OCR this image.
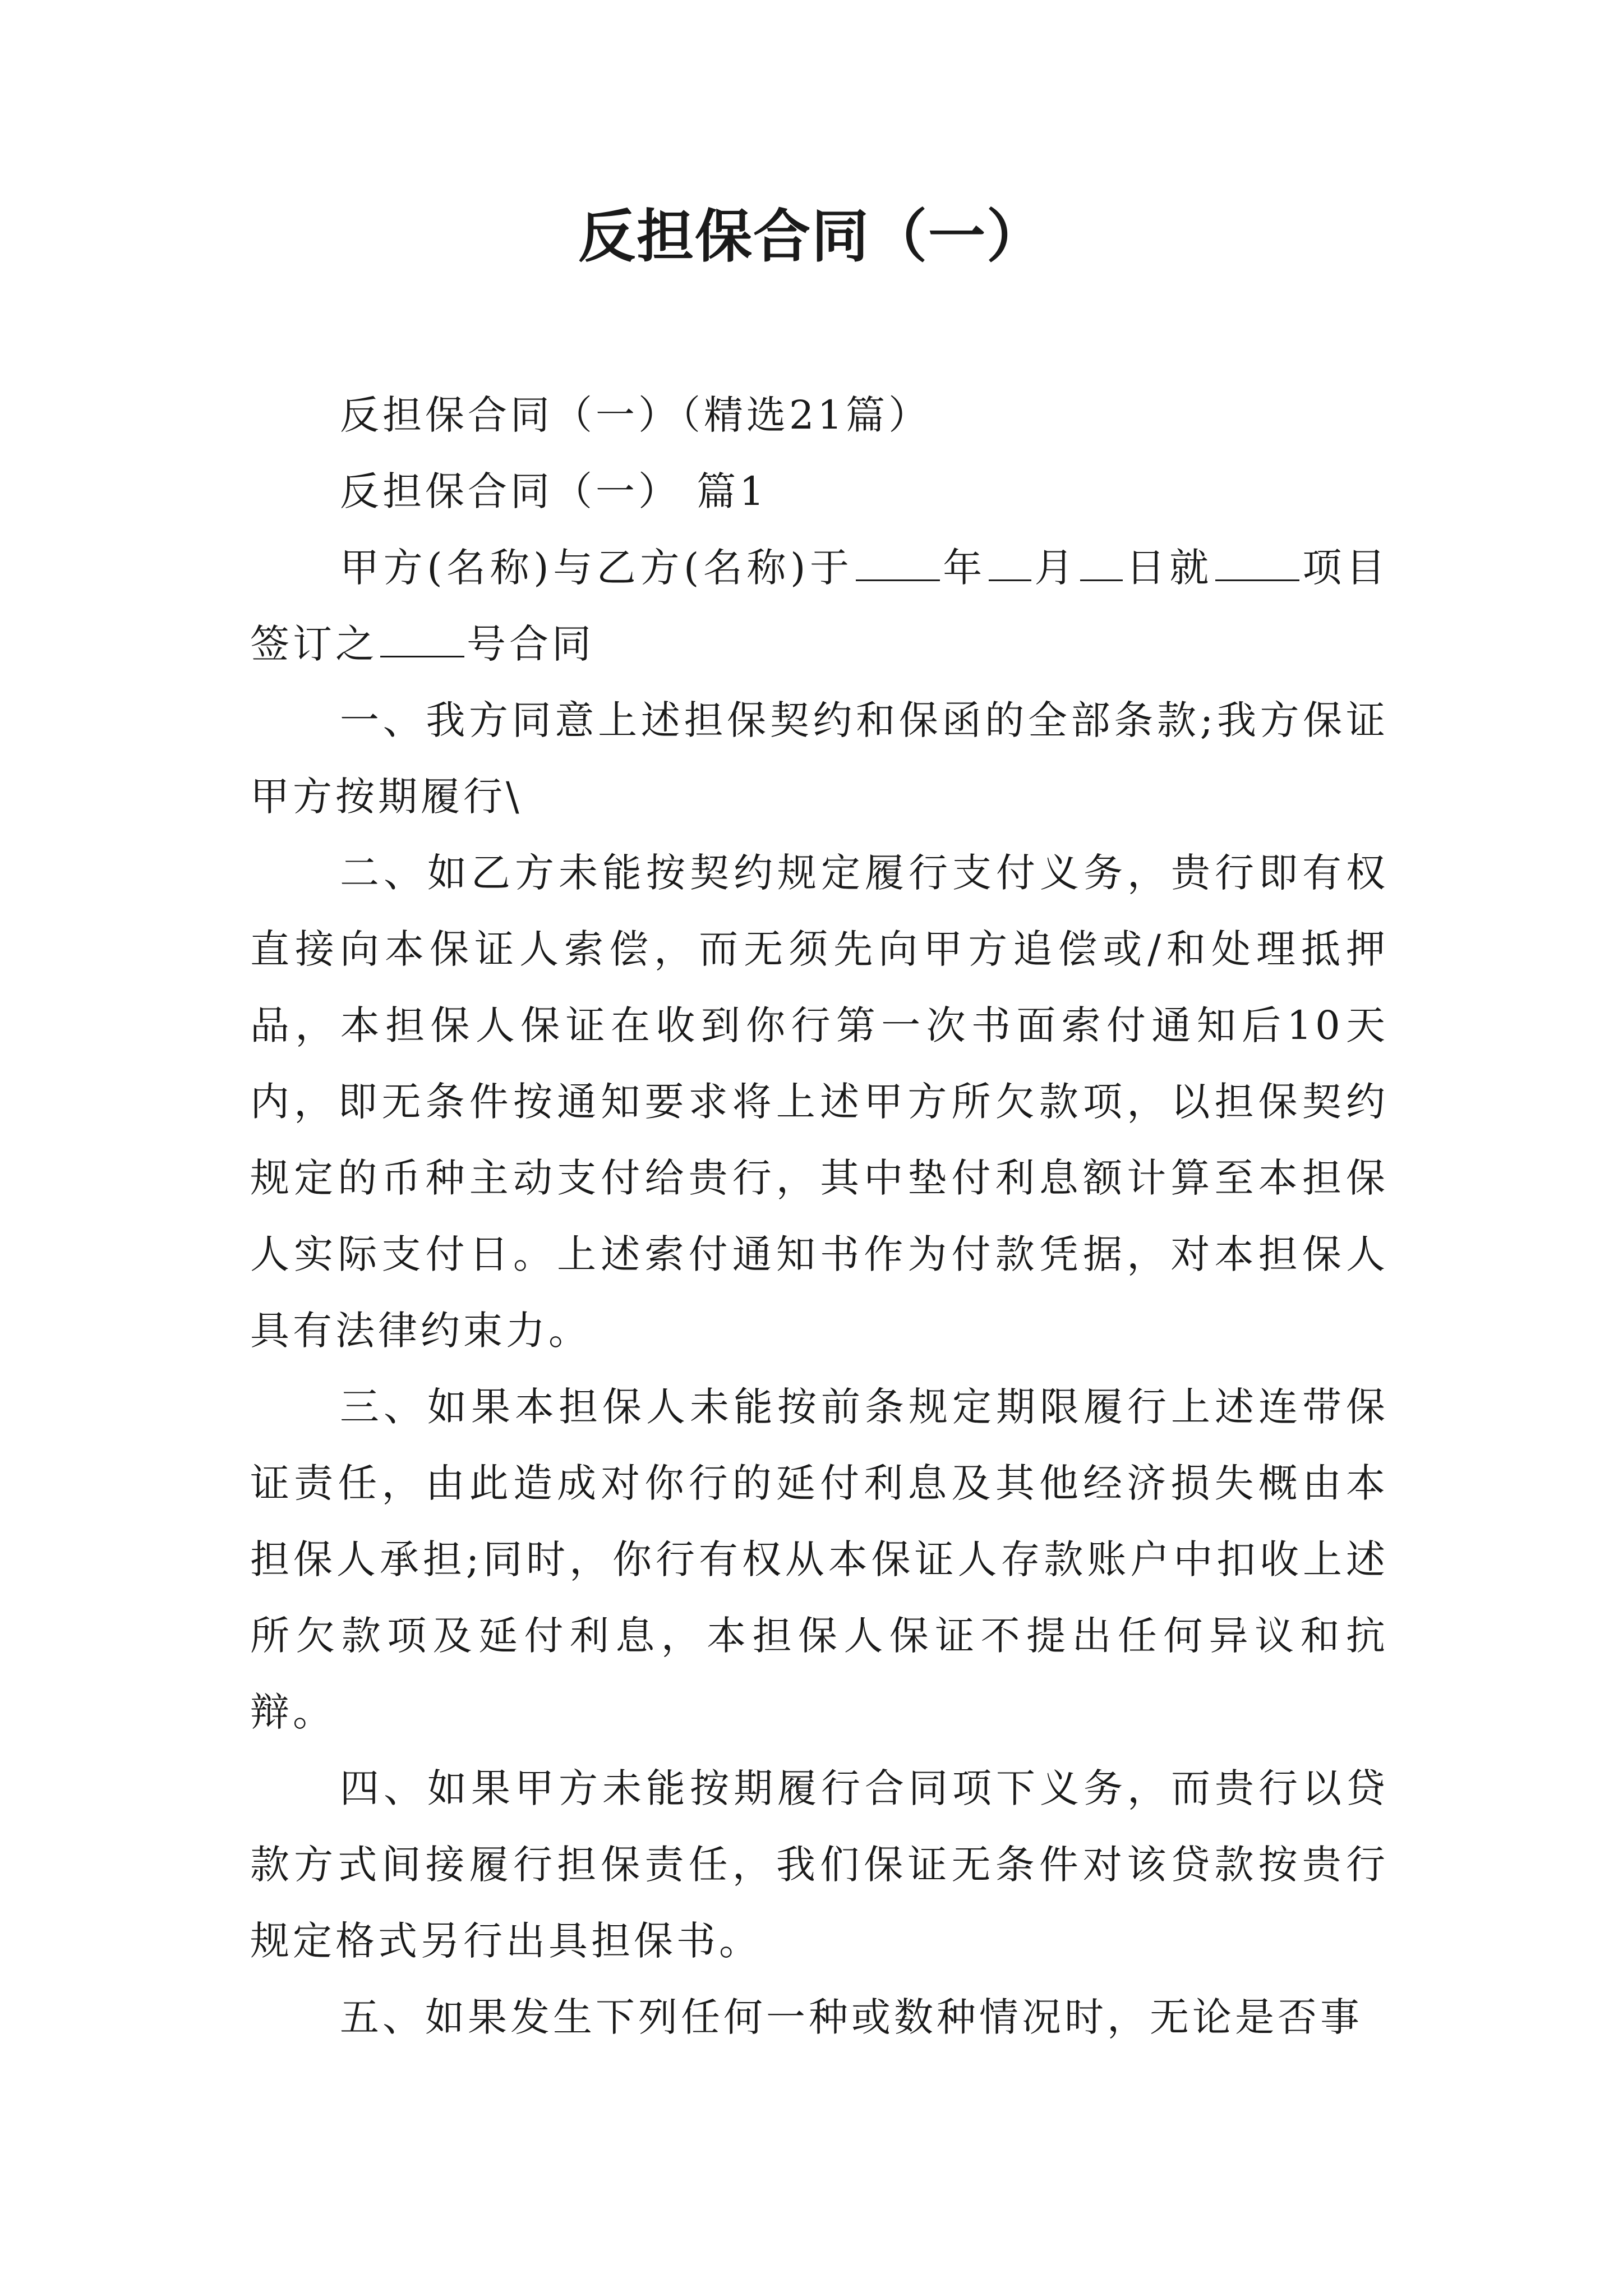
反担保合同（一）

反担保合同（一）（精选21篇）

反担保合同（一） 篇1

甲方(名称)与乙方(名称)于 年 月 日就 项目签订之 号合同

一、我方同意上述担保契约和保函的全部条款;我方保证甲方按期履行\

二、如乙方未能按契约规定履行支付义务，贵行即有权直接向本保证人索偿，而无须先向甲方追偿或/和处理抵押品，本担保人保证在收到你行第一次书面索付通知后10天内，即无条件按通知要求将上述甲方所欠款项，以担保契约规定的币种主动支付给贵行，其中垫付利息额计算至本担保人实际支付日。上述索付通知书作为付款凭据，对本担保人具有法律约束力。

三、如果本担保人未能按前条规定期限履行上述连带保证责任，由此造成对你行的延付利息及其他经济损失概由本担保人承担;同时，你行有权从本保证人存款账户中扣收上述所欠款项及延付利息，本担保人保证不提出任何异议和抗辩。

四、如果甲方未能按期履行合同项下义务，而贵行以贷款方式间接履行担保责任，我们保证无条件对该贷款按贵行规定格式另行出具担保书。

五、如果发生下列任何一种或数种情况时，无论是否事
